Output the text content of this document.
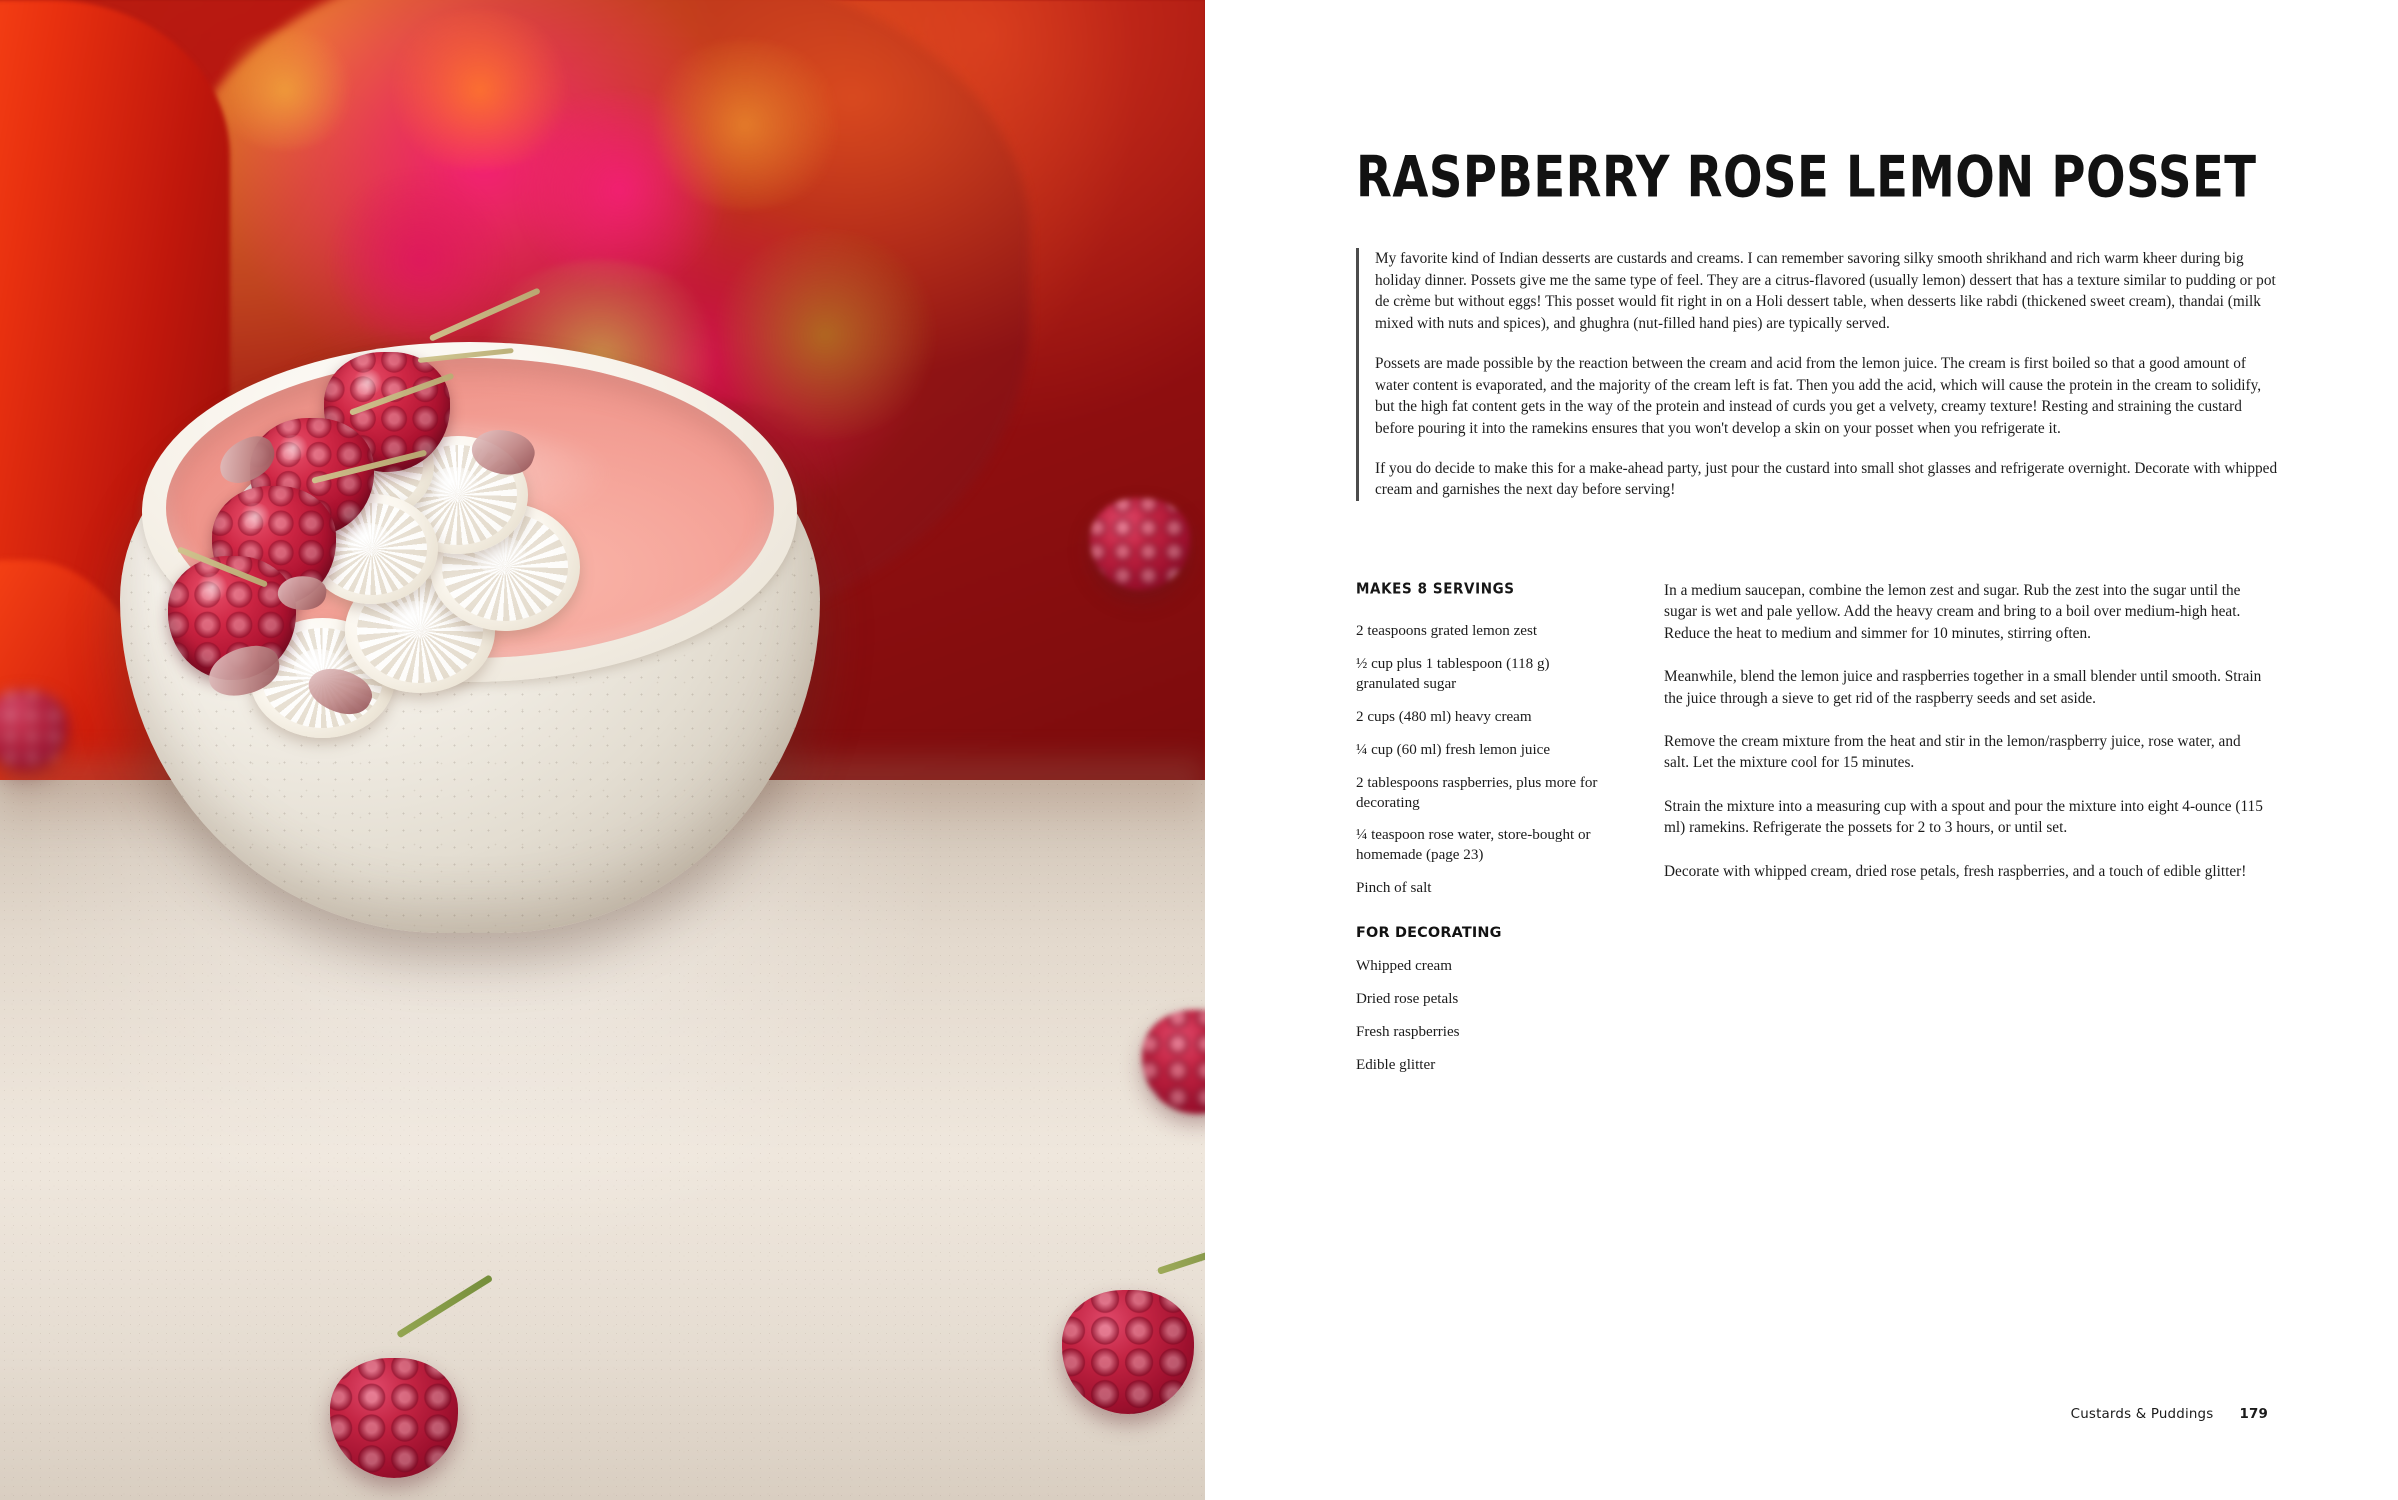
RASPBERRY ROSE LEMON POSSET

My favorite kind of Indian desserts are custards and creams. I can remember savoring silky smooth shrikhand and rich warm kheer during big holiday dinner. Possets give me the same type of feel. They are a citrus-flavored (usually lemon) dessert that has a texture similar to pudding or pot de crème but without eggs! This posset would fit right in on a Holi dessert table, when desserts like rabdi (thickened sweet cream), thandai (milk mixed with nuts and spices), and ghughra (nut-filled hand pies) are typically served.

Possets are made possible by the reaction between the cream and acid from the lemon juice. The cream is first boiled so that a good amount of water content is evaporated, and the majority of the cream left is fat. Then you add the acid, which will cause the protein in the cream to solidify, but the high fat content gets in the way of the protein and instead of curds you get a velvety, creamy texture! Resting and straining the custard before pouring it into the ramekins ensures that you won't develop a skin on your posset when you refrigerate it.

If you do decide to make this for a make-ahead party, just pour the custard into small shot glasses and refrigerate overnight. Decorate with whipped cream and garnishes the next day before serving!

MAKES 8 SERVINGS
2 teaspoons grated lemon zest
½ cup plus 1 tablespoon (118 g) granulated sugar
2 cups (480 ml) heavy cream
¼ cup (60 ml) fresh lemon juice
2 tablespoons raspberries, plus more for decorating
¼ teaspoon rose water, store-bought or homemade (page 23)
Pinch of salt
FOR DECORATING
Whipped cream
Dried rose petals
Fresh raspberries
Edible glitter

In a medium saucepan, combine the lemon zest and sugar. Rub the zest into the sugar until the sugar is wet and pale yellow. Add the heavy cream and bring to a boil over medium-high heat. Reduce the heat to medium and simmer for 10 minutes, stirring often.

Meanwhile, blend the lemon juice and raspberries together in a small blender until smooth. Strain the juice through a sieve to get rid of the raspberry seeds and set aside.

Remove the cream mixture from the heat and stir in the lemon/raspberry juice, rose water, and salt. Let the mixture cool for 15 minutes.

Strain the mixture into a measuring cup with a spout and pour the mixture into eight 4-ounce (115 ml) ramekins. Refrigerate the possets for 2 to 3 hours, or until set.

Decorate with whipped cream, dried rose petals, fresh raspberries, and a touch of edible glitter!

Custards & Puddings 179
